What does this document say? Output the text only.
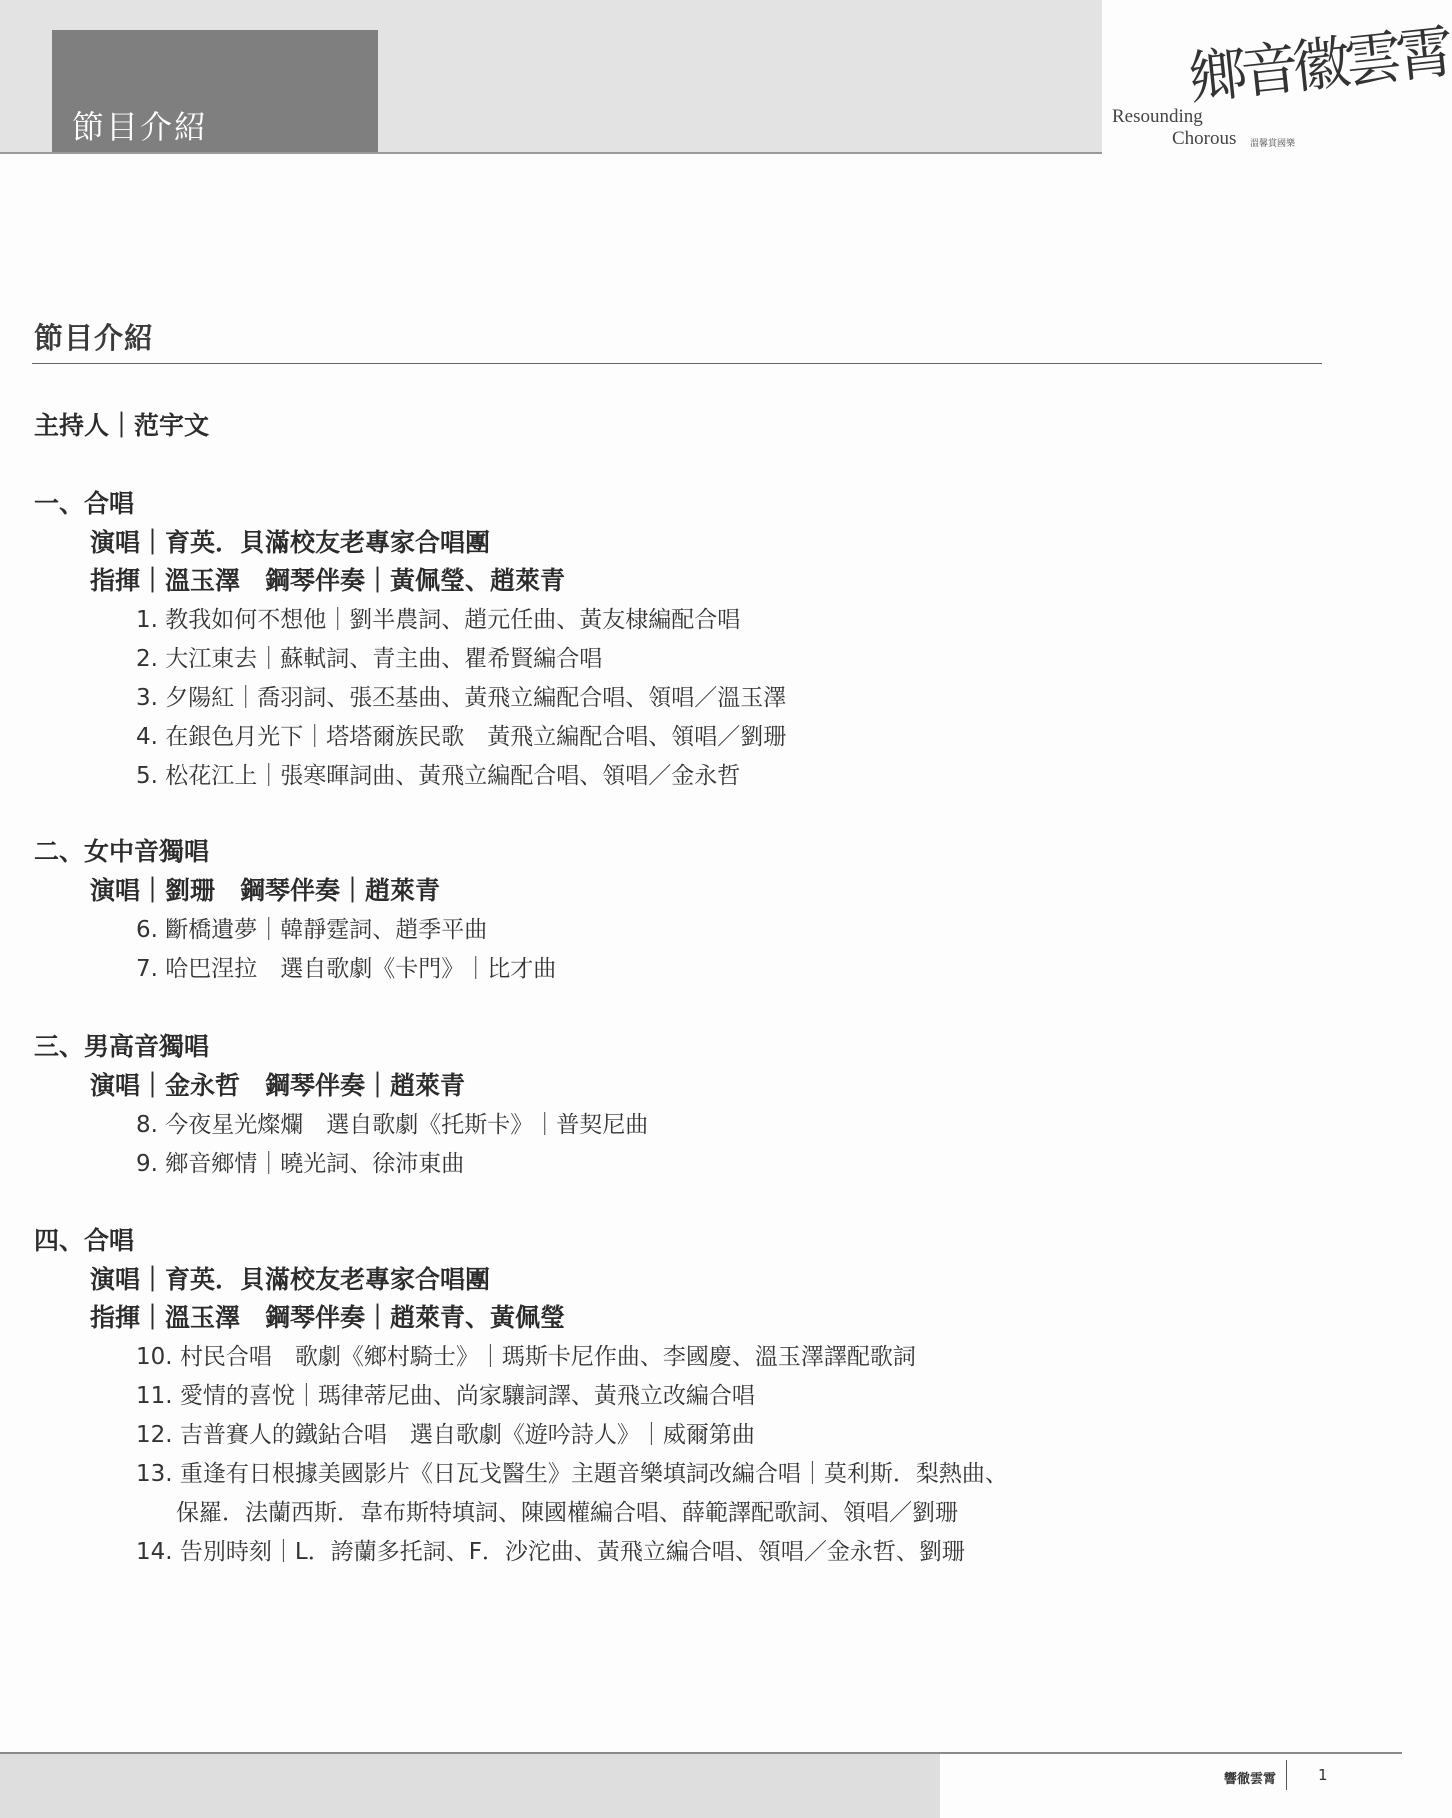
節目介紹
鄉音徽雲霄
Resounding
Chorous 溫馨賞國樂
節目介紹
主持人｜范宇文
一、合唱
演唱｜育英．貝滿校友老專家合唱團
指揮｜溫玉澤　鋼琴伴奏｜黃佩瑩、趙萊青
1. 教我如何不想他｜劉半農詞、趙元任曲、黃友棣編配合唱
2. 大江東去｜蘇軾詞、青主曲、瞿希賢編合唱
3. 夕陽紅｜喬羽詞、張丕基曲、黃飛立編配合唱、領唱／溫玉澤
4. 在銀色月光下｜塔塔爾族民歌　黃飛立編配合唱、領唱／劉珊
5. 松花江上｜張寒暉詞曲、黃飛立編配合唱、領唱／金永哲
二、女中音獨唱
演唱｜劉珊　鋼琴伴奏｜趙萊青
6. 斷橋遺夢｜韓靜霆詞、趙季平曲
7. 哈巴涅拉　選自歌劇《卡門》｜比才曲
三、男高音獨唱
演唱｜金永哲　鋼琴伴奏｜趙萊青
8. 今夜星光燦爛　選自歌劇《托斯卡》｜普契尼曲
9. 鄉音鄉情｜曉光詞、徐沛東曲
四、合唱
演唱｜育英．貝滿校友老專家合唱團
指揮｜溫玉澤　鋼琴伴奏｜趙萊青、黃佩瑩
10. 村民合唱　歌劇《鄉村騎士》｜瑪斯卡尼作曲、李國慶、溫玉澤譯配歌詞
11. 愛情的喜悅｜瑪律蒂尼曲、尚家驤詞譯、黃飛立改編合唱
12. 吉普賽人的鐵鉆合唱　選自歌劇《遊吟詩人》｜威爾第曲
13. 重逢有日根據美國影片《日瓦戈醫生》主題音樂填詞改編合唱｜莫利斯．梨熱曲、
保羅．法蘭西斯．韋布斯特填詞、陳國權編合唱、薛範譯配歌詞、領唱／劉珊
14. 告別時刻｜L．誇蘭多托詞、F．沙沱曲、黃飛立編合唱、領唱／金永哲、劉珊
響徹雲霄	1
